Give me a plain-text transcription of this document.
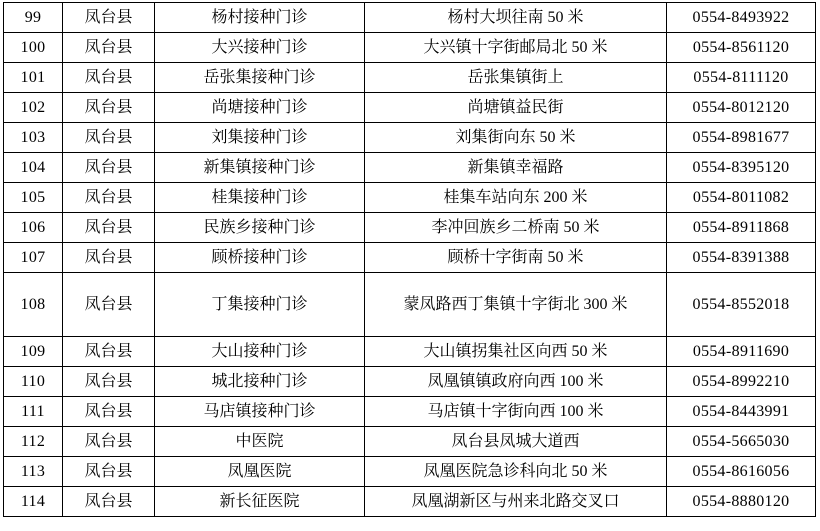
99	凤台县	杨村接种门诊	杨村大坝往南 50 米	0554-8493922
100	凤台县	大兴接种门诊	大兴镇十字街邮局北 50 米	0554-8561120
101	凤台县	岳张集接种门诊	岳张集镇街上	0554-8111120
102	凤台县	尚塘接种门诊	尚塘镇益民街	0554-8012120
103	凤台县	刘集接种门诊	刘集街向东 50 米	0554-8981677
104	凤台县	新集镇接种门诊	新集镇幸福路	0554-8395120
105	凤台县	桂集接种门诊	桂集车站向东 200 米	0554-8011082
106	凤台县	民族乡接种门诊	李冲回族乡二桥南 50 米	0554-8911868
107	凤台县	顾桥接种门诊	顾桥十字街南 50 米	0554-8391388
108	凤台县	丁集接种门诊	蒙凤路西丁集镇十字街北 300 米	0554-8552018
109	凤台县	大山接种门诊	大山镇拐集社区向西 50 米	0554-8911690
110	凤台县	城北接种门诊	凤凰镇镇政府向西 100 米	0554-8992210
111	凤台县	马店镇接种门诊	马店镇十字街向西 100 米	0554-8443991
112	凤台县	中医院	凤台县凤城大道西	0554-5665030
113	凤台县	凤凰医院	凤凰医院急诊科向北 50 米	0554-8616056
114	凤台县	新长征医院	凤凰湖新区与州来北路交叉口	0554-8880120
